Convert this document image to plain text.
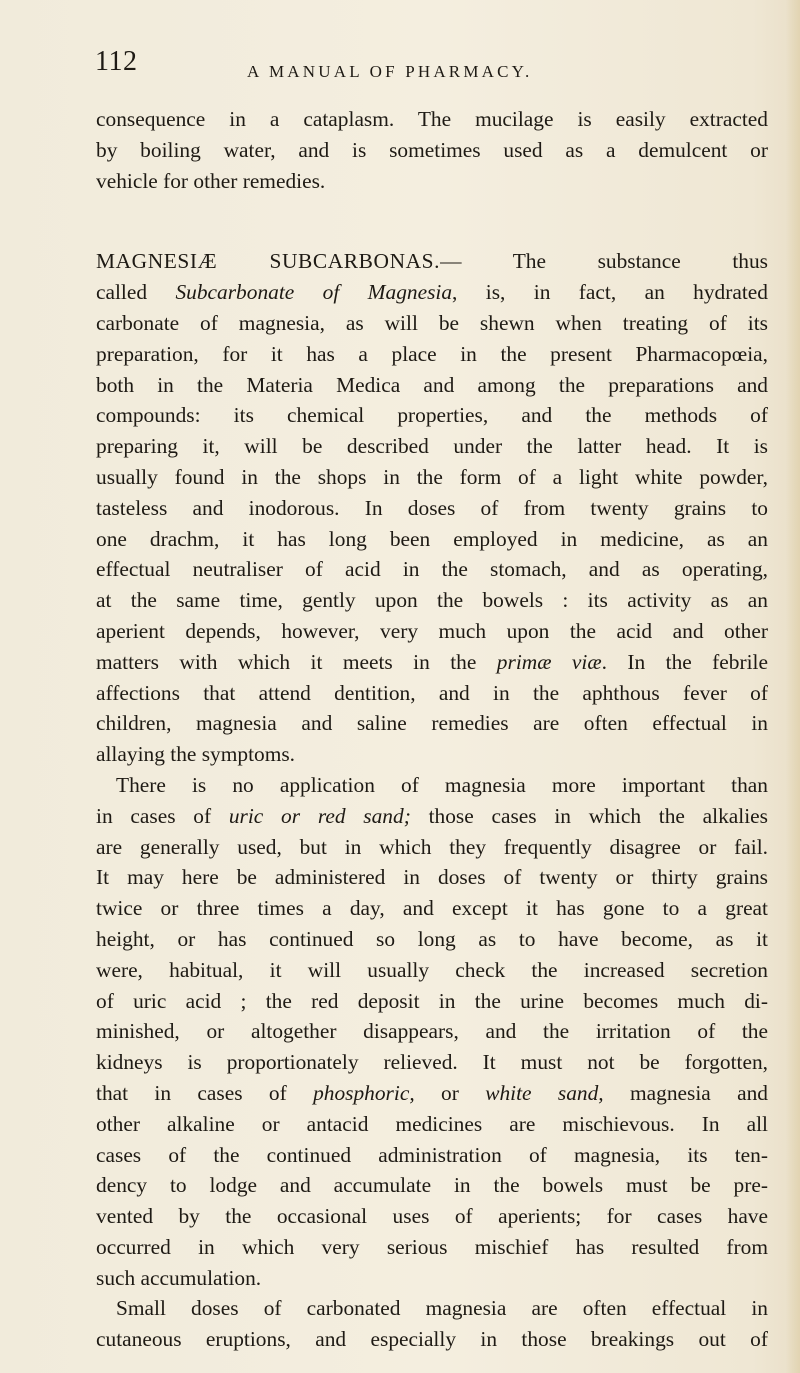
112	A MANUAL OF PHARMACY.
consequence in a cataplasm. The mucilage is easily extracted
by boiling water, and is sometimes used as a demulcent or
vehicle for other remedies.
MAGNESIÆ SUBCARBONAS.— The substance thus
called Subcarbonate of Magnesia, is, in fact, an hydrated
carbonate of magnesia, as will be shewn when treating of its
preparation, for it has a place in the present Pharmacopœia,
both in the Materia Medica and among the preparations and
compounds: its chemical properties, and the methods of
preparing it, will be described under the latter head. It is
usually found in the shops in the form of a light white powder,
tasteless and inodorous. In doses of from twenty grains to
one drachm, it has long been employed in medicine, as an
effectual neutraliser of acid in the stomach, and as operating,
at the same time, gently upon the bowels : its activity as an
aperient depends, however, very much upon the acid and other
matters with which it meets in the primæ viæ. In the febrile
affections that attend dentition, and in the aphthous fever of
children, magnesia and saline remedies are often effectual in
allaying the symptoms.
There is no application of magnesia more important than
in cases of uric or red sand; those cases in which the alkalies
are generally used, but in which they frequently disagree or fail.
It may here be administered in doses of twenty or thirty grains
twice or three times a day, and except it has gone to a great
height, or has continued so long as to have become, as it
were, habitual, it will usually check the increased secretion
of uric acid ; the red deposit in the urine becomes much di-
minished, or altogether disappears, and the irritation of the
kidneys is proportionately relieved. It must not be forgotten,
that in cases of phosphoric, or white sand, magnesia and
other alkaline or antacid medicines are mischievous. In all
cases of the continued administration of magnesia, its ten-
dency to lodge and accumulate in the bowels must be pre-
vented by the occasional uses of aperients; for cases have
occurred in which very serious mischief has resulted from
such accumulation.
Small doses of carbonated magnesia are often effectual in
cutaneous eruptions, and especially in those breakings out of
